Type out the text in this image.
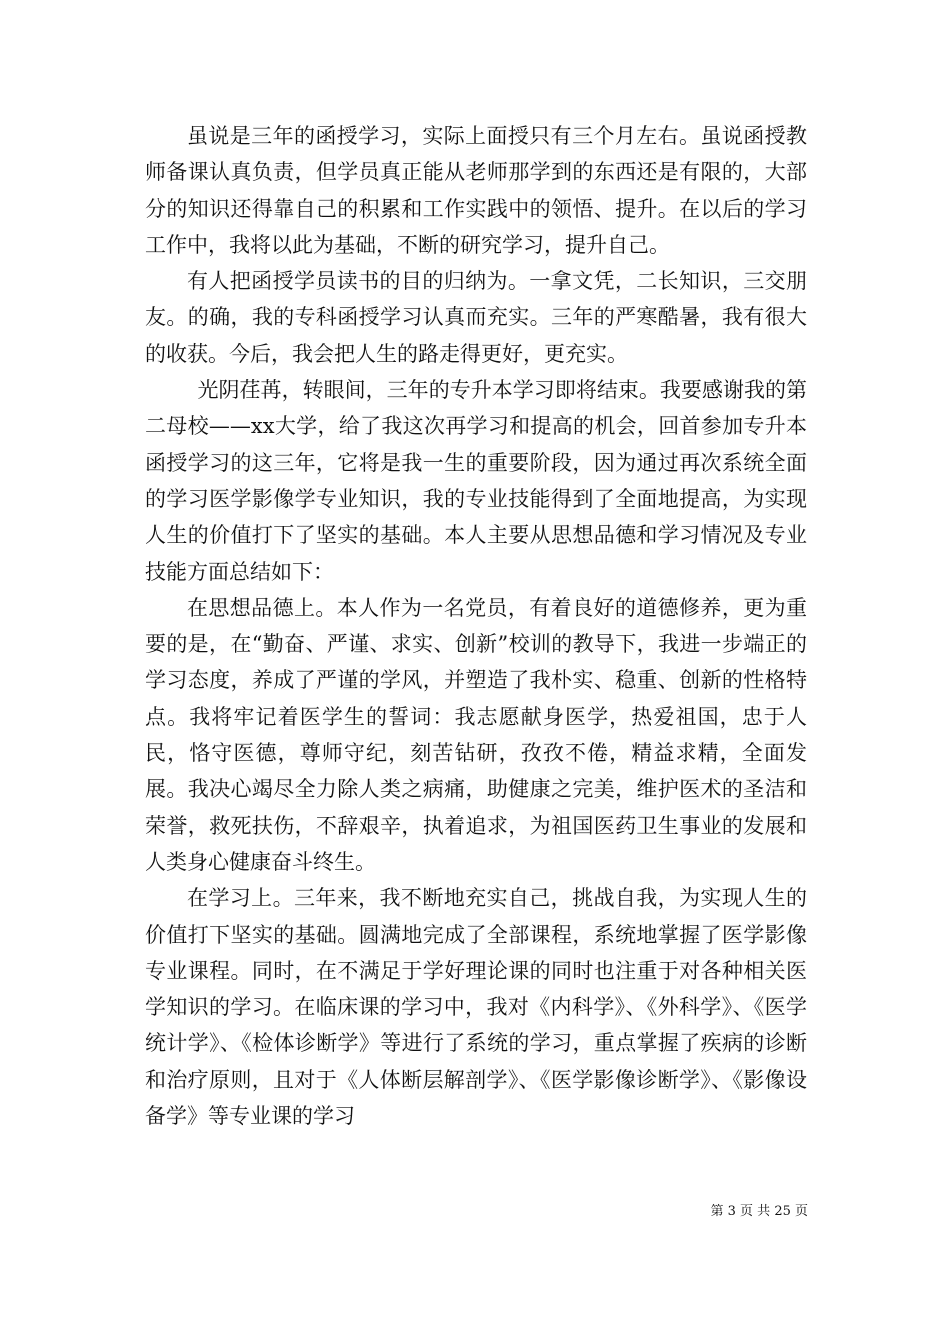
虽说是三年的函授学习，实际上面授只有三个月左右。虽说函授教师备课认真负责，但学员真正能从老师那学到的东西还是有限的，大部分的知识还得靠自己的积累和工作实践中的领悟、提升。在以后的学习工作中，我将以此为基础，不断的研究学习，提升自己。

有人把函授学员读书的目的归纳为。一拿文凭，二长知识，三交朋友。的确，我的专科函授学习认真而充实。三年的严寒酷暑，我有很大的收获。今后，我会把人生的路走得更好，更充实。

光阴荏苒，转眼间，三年的专升本学习即将结束。我要感谢我的第二母校——xx大学，给了我这次再学习和提高的机会，回首参加专升本函授学习的这三年，它将是我一生的重要阶段，因为通过再次系统全面的学习医学影像学专业知识，我的专业技能得到了全面地提高，为实现人生的价值打下了坚实的基础。本人主要从思想品德和学习情况及专业技能方面总结如下：

在思想品德上。本人作为一名党员，有着良好的道德修养，更为重要的是，在“勤奋、严谨、求实、创新”校训的教导下，我进一步端正的学习态度，养成了严谨的学风，并塑造了我朴实、稳重、创新的性格特点。我将牢记着医学生的誓词：我志愿献身医学，热爱祖国，忠于人民，恪守医德，尊师守纪，刻苦钻研，孜孜不倦，精益求精，全面发展。我决心竭尽全力除人类之病痛，助健康之完美，维护医术的圣洁和荣誉，救死扶伤，不辞艰辛，执着追求，为祖国医药卫生事业的发展和人类身心健康奋斗终生。

在学习上。三年来，我不断地充实自己，挑战自我，为实现人生的价值打下坚实的基础。圆满地完成了全部课程，系统地掌握了医学影像专业课程。同时，在不满足于学好理论课的同时也注重于对各种相关医学知识的学习。在临床课的学习中，我对《内科学》、《外科学》、《医学统计学》、《检体诊断学》等进行了系统的学习，重点掌握了疾病的诊断和治疗原则，且对于《人体断层解剖学》、《医学影像诊断学》、《影像设备学》等专业课的学习

第 3 页 共 25 页
